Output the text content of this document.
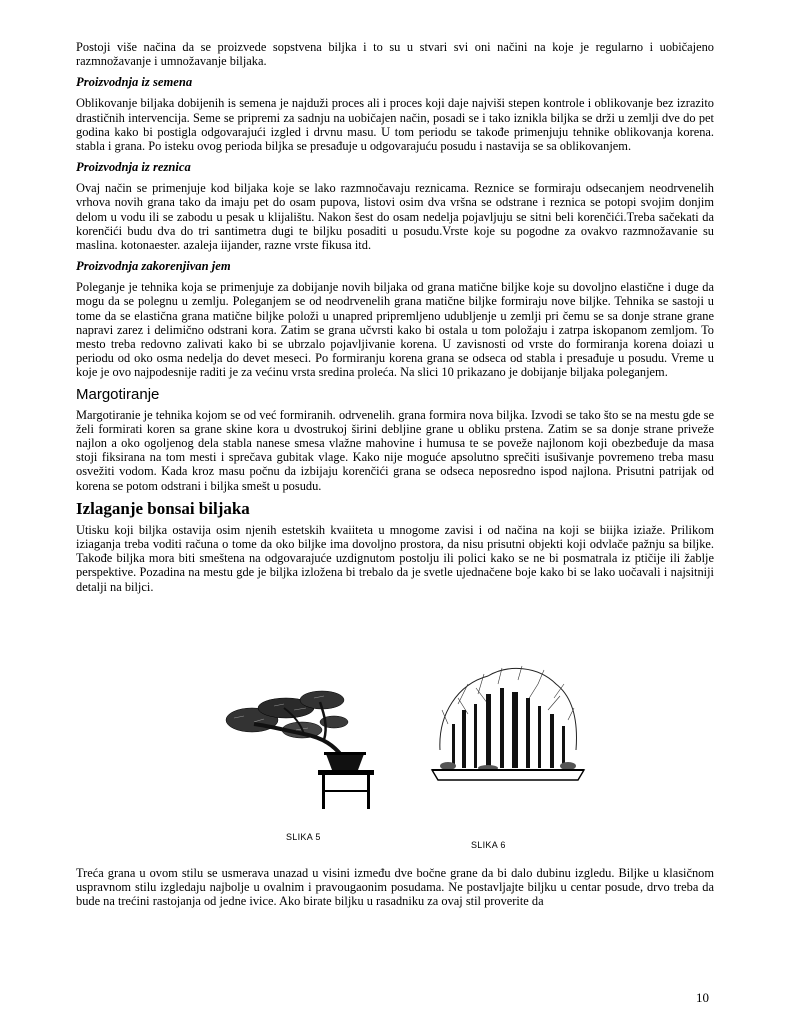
Postoji više načina da se proizvede sopstvena biljka i to su u stvari svi oni načini na koje je regularno i uobičajeno razmnožavanje i umnožavanje biljaka.

Proizvodnja iz semena

Oblikovanje biljaka dobijenih is semena je najduži proces ali i proces koji daje najviši stepen kontrole i oblikovanje bez izrazito drastičnih intervencija. Seme se pripremi za sadnju na uobičajen način, posadi se i tako iznikla biljka se drži u zemlji dve do pet godina kako bi postigla odgovarajući izgled i drvnu masu. U tom periodu se takođe primenjuju tehnike oblikovanja korena. stabla i grana. Po isteku ovog perioda biljka se presađuje u odgovarajuću posudu i nastavija se sa oblikovanjem.

Proizvodnja iz reznica

Ovaj način se primenjuje kod biljaka koje se lako razmnočavaju reznicama. Reznice se formiraju odsecanjem neodrvenelih vrhova novih grana tako da imaju pet do osam pupova, listovi osim dva vršna se odstrane i reznica se potopi svojim donjim delom u vodu ili se zabodu u pesak u klijalištu. Nakon šest do osam nedelja pojavljuju se sitni beli korenčići.Treba sačekati da korenčići budu dva do tri santimetra dugi te biljku posaditi u posudu.Vrste koje su pogodne za ovakvo razmnožavanie su maslina. kotonaester. azaleja iijander, razne vrste fikusa itd.

Proizvodnja zakorenjivan jem

Poleganje je tehnika koja se primenjuje za dobijanje novih biljaka od grana matične biljke koje su dovoljno elastične i duge da mogu da se polegnu u zemlju. Poleganjem se od neodrvenelih grana matične biljke formiraju nove biljke. Tehnika se sastoji u tome da se elastična grana matične biljke položi u unapred pripremljeno udubljenje u zemlji pri čemu se sa donje strane grane napravi zarez i delimično odstrani kora. Zatim se grana učvrsti kako bi ostala u tom položaju i zatrpa iskopanom zemljom. To mesto treba redovno zalivati kako bi se ubrzalo pojavljivanie korena. U zavisnosti od vrste do formiranja korena doiazi u periodu od oko osma nedelja do devet meseci. Po formiranju korena grana se odseca od stabla i presađuje u posudu. Vreme u koje je ovo najpodesnije raditi je za većinu vrsta sredina proleća. Na slici 10 prikazano je dobijanje biljaka poleganjem.

Margotiranje

Margotiranie je tehnika kojom se od već formiranih. odrvenelih. grana formira nova biljka. Izvodi se tako što se na mestu gde se želi formirati koren sa grane skine kora u dvostrukoj širini debljine grane u obliku prstena. Zatim se sa donje strane priveže najlon a oko ogoljenog dela stabla nanese smesa vlažne mahovine i humusa te se poveže najlonom koji obezbeđuje da masa stoji fiksirana na tom mesti i sprečava gubitak vlage. Kako nije moguće apsolutno sprečiti isušivanje povremeno treba masu osvežiti vodom. Kada kroz masu počnu da izbijaju korenčići grana se odseca neposredno ispod najlona. Prisutni patrijak od korena se potom odstrani i biljka smešt u posudu.

Izlaganje bonsai biljaka

Utisku koji biljka ostavija osim njenih estetskih kvaiiteta u mnogome zavisi i od načina na koji se biijka iziaže. Prilikom iziaganja treba voditi računa o tome da oko biljke ima dovoljno prostora, da nisu prisutni objekti koji odvlače pažnju sa biljke. Takođe biljka mora biti smeštena na odgovarajuće uzdignutom postolju ili polici kako se ne bi posmatrala iz ptičije ili žablje perspektive. Pozadina na mestu gde je biljka izložena bi trebalo da je svetle ujednačene boje kako bi se lako uočavali i najsitniji detalji na biljci.

SLIKA 5
SLIKA 6

Treća grana u ovom stilu se usmerava unazad u visini između dve bočne grane da bi dalo dubinu izgledu. Biljke u klasičnom uspravnom stilu izgledaju najbolje u ovalnim i pravougaonim posudama. Ne postavljajte biljku u centar posude, drvo treba da bude na trećini rastojanja od jedne ivice. Ako birate biljku u rasadniku za ovaj stil proverite da

10
